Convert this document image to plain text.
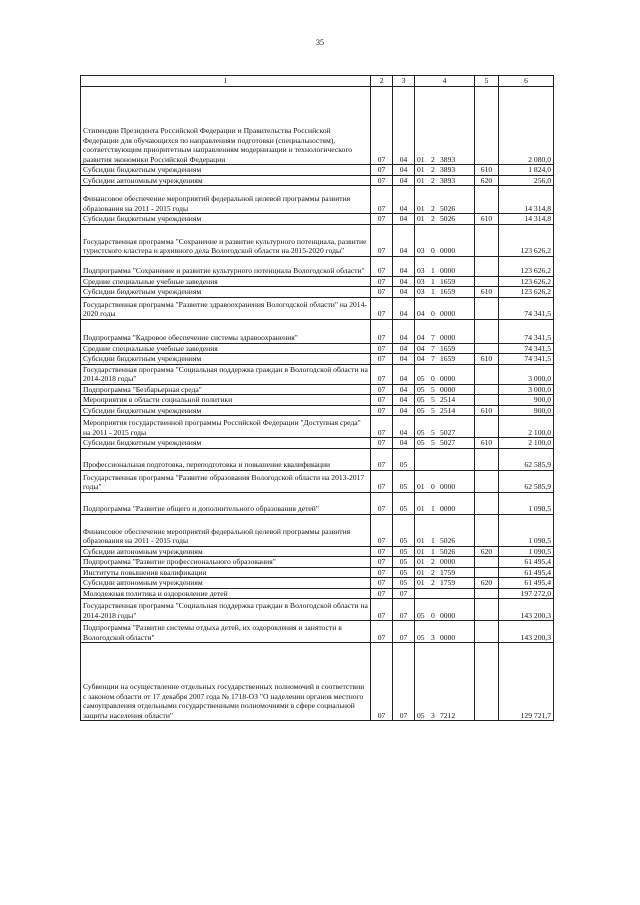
35
1	2	3	4	5	6
Стипендии Президента Российской Федерации и Правительства Российской Федерации для обучающихся по направлениям подготовки (специальностям), соответствующим приоритетным направлениям модернизации и технологического развития экономики Российской Федерации	07	04	01 2 3893		2 080,0
Субсидии бюджетным учреждениям	07	04	01 2 3893	610	1 824,0
Субсидии автономным учреждениям	07	04	01 2 3893	620	256,0
Финансовое обеспечение мероприятий федеральной целевой программы развития образования на 2011 - 2015 годы	07	04	01 2 5026		14 314,8
Субсидии бюджетным учреждениям	07	04	01 2 5026	610	14 314,8
Государственная программа "Сохранение и развитие культурного потенциала, развитие туристского кластера и архивного дела Вологодской области на 2015-2020 годы"	07	04	03 0 0000		123 626,2
Подпрограмма "Сохранение и развитие культурного потенциала Вологодской области"	07	04	03 1 0000		123 626,2
Средние специальные учебные заведения	07	04	03 1 1659		123 626,2
Субсидии бюджетным учреждениям	07	04	03 1 1659	610	123 626,2
Государственная программа "Развитие здравоохранения Вологодской области" на 2014-2020 годы	07	04	04 0 0000		74 341,5
Подпрограмма "Кадровое обеспечение системы здравоохранения"	07	04	04 7 0000		74 341,5
Средние специальные учебные заведения	07	04	04 7 1659		74 341,5
Субсидии бюджетным учреждениям	07	04	04 7 1659	610	74 341,5
Государственная программа "Социальная поддержка граждан в Вологодской области на 2014-2018 годы"	07	04	05 0 0000		3 000,0
Подпрограмма "Безбарьерная среда"	07	04	05 5 0000		3 000,0
Мероприятия в области социальной политики	07	04	05 5 2514		900,0
Субсидии бюджетным учреждениям	07	04	05 5 2514	610	900,0
Мероприятия государственной программы Российской Федерации "Доступная среда" на 2011 - 2015 годы	07	04	05 5 5027		2 100,0
Субсидии бюджетным учреждениям	07	04	05 5 5027	610	2 100,0
Профессиональная подготовка, переподготовка и повышение квалификации	07	05			62 585,9
Государственная программа "Развитие образования Вологодской области на 2013-2017 годы"	07	05	01 0 0000		62 585,9
Подпрограмма "Развитие общего и дополнительного образования детей"	07	05	01 1 0000		1 090,5
Финансовое обеспечение мероприятий федеральной целевой программы развития образования на 2011 - 2015 годы	07	05	01 1 5026		1 090,5
Субсидии автономным учреждениям	07	05	01 1 5026	620	1 090,5
Подпрограмма "Развитие профессионального образования"	07	05	01 2 0000		61 495,4
Институты повышения квалификации	07	05	01 2 1759		61 495,4
Субсидии автономным учреждениям	07	05	01 2 1759	620	61 495,4
Молодежная политика и оздоровление детей	07	07			197 272,0
Государственная программа "Социальная поддержка граждан в Вологодской области на 2014-2018 годы"	07	07	05 0 0000		143 200,3
Подпрограмма "Развитие системы отдыха детей, их оздоровления и занятости в Вологодской области"	07	07	05 3 0000		143 200,3
Субвенции на осуществление отдельных государственных полномочий в соответствии с законом области от 17 декабря 2007 года № 1718-ОЗ "О наделении органов местного самоуправления отдельными государственными полномочиями в сфере социальной защиты населения области"	07	07	05 3 7212		129 721,7
